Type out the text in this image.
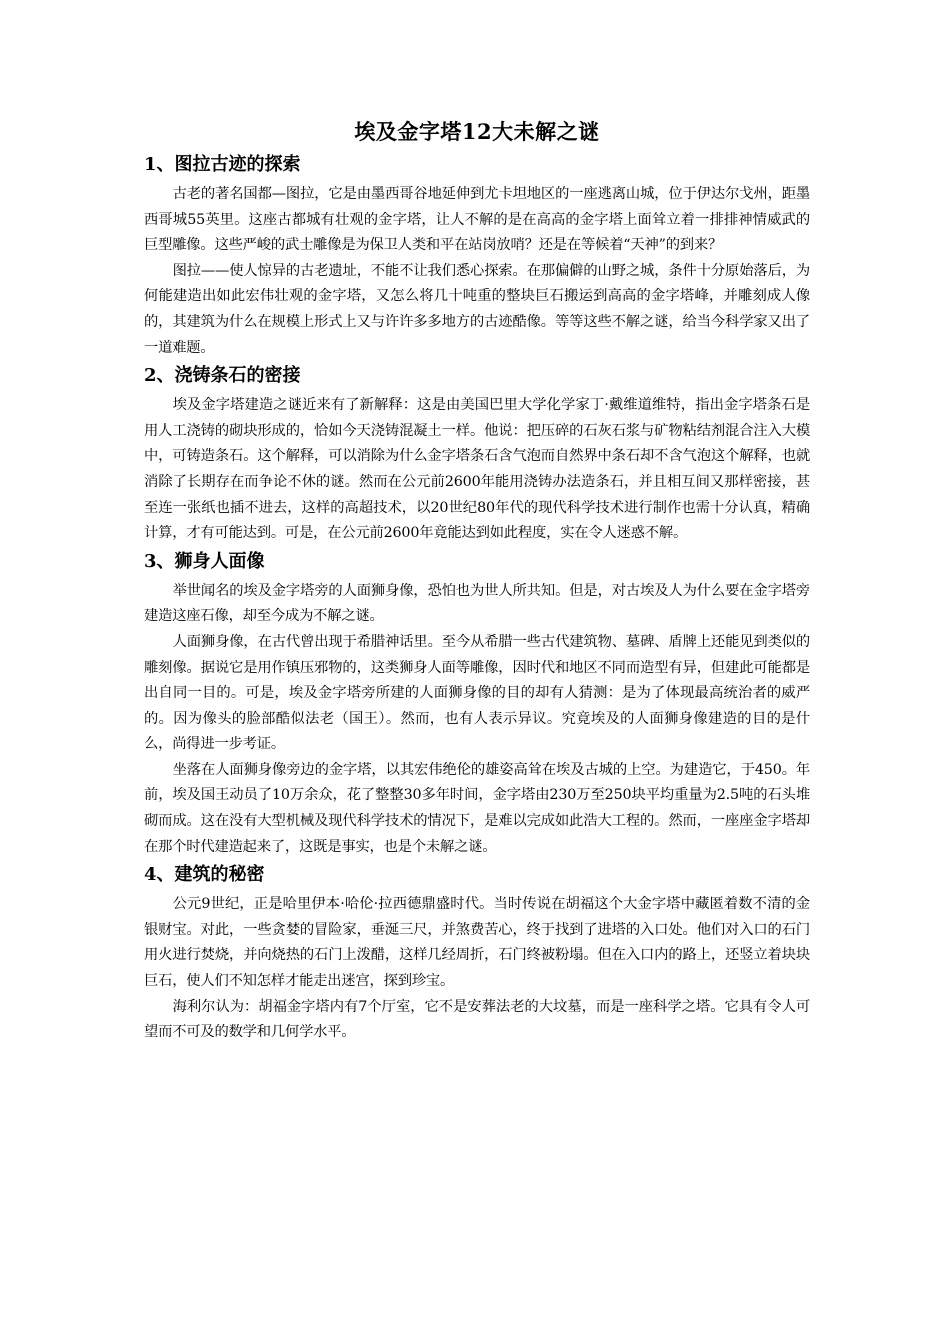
埃及金字塔12大未解之谜
1、图拉古迹的探索

古老的著名国都—图拉，它是由墨西哥谷地延伸到尤卡坦地区的一座逃离山城，位于伊达尔戈州，距墨西哥城55英里。这座古都城有壮观的金字塔，让人不解的是在高高的金字塔上面耸立着一排排神情威武的巨型雕像。这些严峻的武士雕像是为保卫人类和平在站岗放哨？还是在等候着“天神”的到来？

图拉——使人惊异的古老遗址，不能不让我们悉心探索。在那偏僻的山野之城，条件十分原始落后，为何能建造出如此宏伟壮观的金字塔，又怎么将几十吨重的整块巨石搬运到高高的金字塔峰，并雕刻成人像的，其建筑为什么在规模上形式上又与许许多多地方的古迹酷像。等等这些不解之谜，给当今科学家又出了一道难题。

2、浇铸条石的密接

埃及金字塔建造之谜近来有了新解释：这是由美国巴里大学化学家丁·戴维道维特，指出金字塔条石是用人工浇铸的砌块形成的，恰如今天浇铸混凝土一样。他说：把压碎的石灰石浆与矿物粘结剂混合注入大模中，可铸造条石。这个解释，可以消除为什么金字塔条石含气泡而自然界中条石却不含气泡这个解释，也就消除了长期存在而争论不休的谜。然而在公元前2600年能用浇铸办法造条石，并且相互间又那样密接，甚至连一张纸也插不进去，这样的高超技术，以20世纪80年代的现代科学技术进行制作也需十分认真，精确计算，才有可能达到。可是，在公元前2600年竟能达到如此程度，实在令人迷惑不解。

3、狮身人面像

举世闻名的埃及金字塔旁的人面狮身像，恐怕也为世人所共知。但是，对古埃及人为什么要在金字塔旁建造这座石像，却至今成为不解之谜。

人面狮身像，在古代曾出现于希腊神话里。至今从希腊一些古代建筑物、墓碑、盾牌上还能见到类似的雕刻像。据说它是用作镇压邪物的，这类狮身人面等雕像，因时代和地区不同而造型有异，但建此可能都是出自同一目的。可是，埃及金字塔旁所建的人面狮身像的目的却有人猜测：是为了体现最高统治者的威严的。因为像头的脸部酷似法老（国王）。然而，也有人表示异议。究竟埃及的人面狮身像建造的目的是什么，尚得进一步考证。

坐落在人面狮身像旁边的金字塔，以其宏伟绝伦的雄姿高耸在埃及古城的上空。为建造它，于450。年前，埃及国王动员了10万余众，花了整整30多年时间，金字塔由230万至250块平均重量为2.5吨的石头堆砌而成。这在没有大型机械及现代科学技术的情况下，是难以完成如此浩大工程的。然而，一座座金字塔却在那个时代建造起来了，这既是事实，也是个未解之谜。

4、建筑的秘密

公元9世纪，正是哈里伊本·哈伦·拉西德鼎盛时代。当时传说在胡福这个大金字塔中藏匿着数不清的金银财宝。对此，一些贪婪的冒险家，垂涎三尺，并煞费苦心，终于找到了进塔的入口处。他们对入口的石门用火进行焚烧，并向烧热的石门上泼醋，这样几经周折，石门终被粉塌。但在入口内的路上，还竖立着块块巨石，使人们不知怎样才能走出迷宫，探到珍宝。

海利尔认为：胡福金字塔内有7个厅室，它不是安葬法老的大坟墓，而是一座科学之塔。它具有令人可望而不可及的数学和几何学水平。
